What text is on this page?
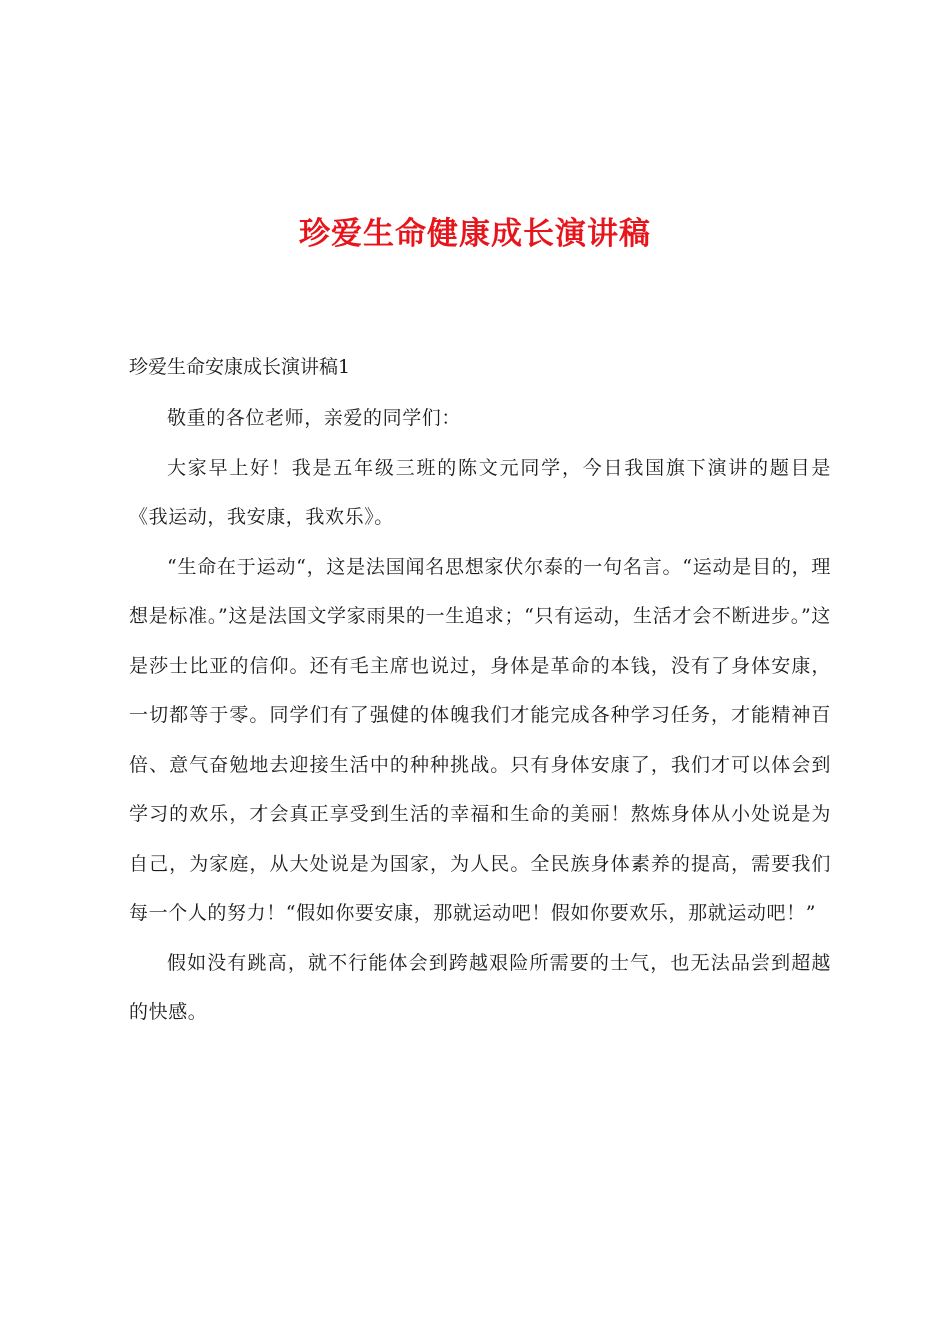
珍爱生命健康成长演讲稿
珍爱生命安康成长演讲稿1

敬重的各位老师，亲爱的同学们：

大家早上好！我是五年级三班的陈文元同学，今日我国旗下演讲的题目是《我运动，我安康，我欢乐》。

“生命在于运动“，这是法国闻名思想家伏尔泰的一句名言。“运动是目的，理想是标准。”这是法国文学家雨果的一生追求；“只有运动，生活才会不断进步。”这是莎士比亚的信仰。还有毛主席也说过，身体是革命的本钱，没有了身体安康，一切都等于零。同学们有了强健的体魄我们才能完成各种学习任务，才能精神百倍、意气奋勉地去迎接生活中的种种挑战。只有身体安康了，我们才可以体会到学习的欢乐，才会真正享受到生活的幸福和生命的美丽！熬炼身体从小处说是为自己，为家庭，从大处说是为国家，为人民。全民族身体素养的提高，需要我们每一个人的努力！“假如你要安康，那就运动吧！假如你要欢乐，那就运动吧！”

假如没有跳高，就不行能体会到跨越艰险所需要的士气，也无法品尝到超越的快感。
